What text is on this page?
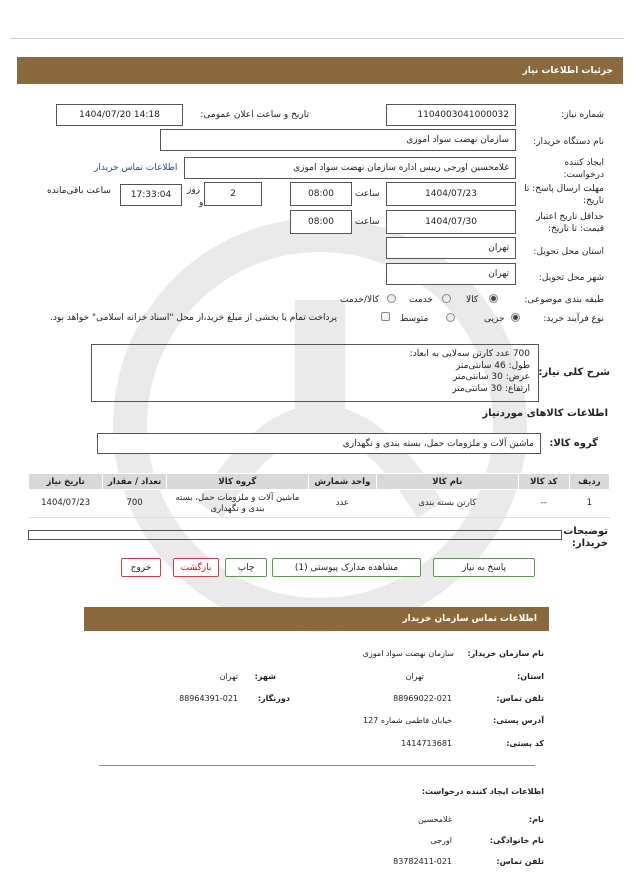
جزئیات اطلاعات نیاز
شماره نیاز:
1104003041000032
تاریخ و ساعت اعلان عمومی:
1404/07/20 14:18
نام دستگاه خریدار:
سازمان نهضت سواد اموزی
ایجاد کننده
درخواست:
غلامحسین اورجی رییس اداره سازمان نهضت سواد اموزی
اطلاعات تماس خریدار
مهلت ارسال پاسخ: تا
تاریخ:
1404/07/23
ساعت
08:00
2
روز
و
17:33:04
ساعت باقی‌مانده
حداقل تاریخ اعتبار
قیمت: تا تاریخ:
1404/07/30
ساعت
08:00
استان محل تحویل:
تهران
شهر محل تحویل:
تهران
طبقه بندی موضوعی:
کالا
خدمت
کالا/خدمت
نوع فرآیند خرید:
جزیی
متوسط
پرداخت تمام یا بخشی از مبلغ خرید،از محل "اسناد خزانه اسلامی" خواهد بود.
700 عدد کارتن سه‌لایی به ابعاد:
طول: 46 سانتی‌متر
عرض: 30 سانتی‌متر
ارتفاع: 30 سانتی‌متر
شرح کلی نیاز:
اطلاعات کالاهای موردنیاز
گروه کالا:
ماشین آلات و ملزومات حمل، بسته بندی و نگهداری
ردیف	کد کالا	نام کالا	واحد شمارش	گروه کالا	تعداد / مقدار	تاریخ نیاز
1	--	کارتن بسته بندی	عدد	ماشین آلات و ملزومات حمل، بسته بندی و نگهداری	700	1404/07/23
توضیحات
خریدار:
پاسخ به نیاز
مشاهده مدارک پیوستی (1)
چاپ
بازگشت
خروج
اطلاعات تماس سازمان خریدار
نام سازمان خریدار:
سازمان نهضت سواد اموزی
استان:
تهران
شهر:
تهران
تلفن تماس:
88969022-021
دورنگار:
88964391-021
آدرس پستی:
خیابان فاطمی شماره 127
کد پستی:
1414713681
اطلاعات ایجاد کننده درخواست:
نام:
غلامحسین
نام خانوادگی:
اورجی
تلفن تماس:
83782411-021
